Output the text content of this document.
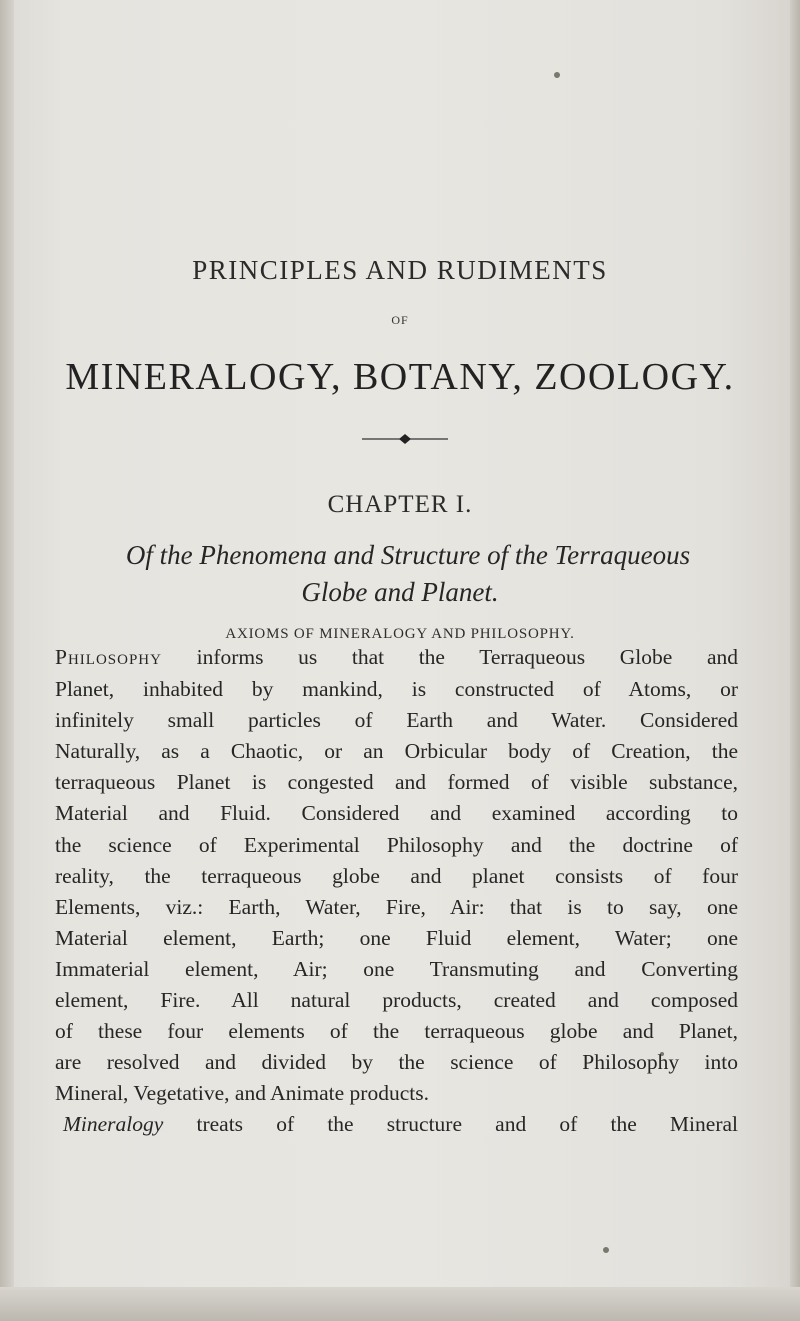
PRINCIPLES AND RUDIMENTS
OF
MINERALOGY, BOTANY, ZOOLOGY.
CHAPTER I.
Of the Phenomena and Structure of the Terraqueous
Globe and Planet.
AXIOMS OF MINERALOGY AND PHILOSOPHY.
Philosophy informs us that the Terraqueous Globe and
Planet, inhabited by mankind, is constructed of Atoms, or
infinitely small particles of Earth and Water. Considered
Naturally, as a Chaotic, or an Orbicular body of Creation, the
terraqueous Planet is congested and formed of visible substance,
Material and Fluid. Considered and examined according to
the science of Experimental Philosophy and the doctrine of
reality, the terraqueous globe and planet consists of four
Elements, viz.: Earth, Water, Fire, Air: that is to say, one
Material element, Earth; one Fluid element, Water; one
Immaterial element, Air; one Transmuting and Converting
element, Fire. All natural products, created and composed
of these four elements of the terraqueous globe and Planet,
are resolved and divided by the science of Philosophy into
Mineral, Vegetative, and Animate products.
Mineralogy treats of the structure and of the Mineral
